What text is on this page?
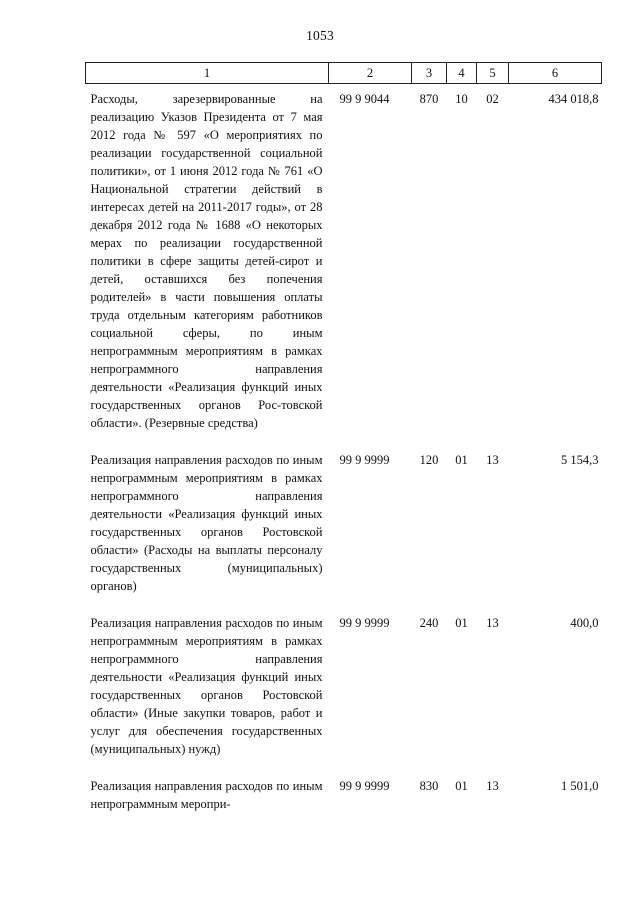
1053
1	2	3	4	5	6

Расходы, зарезервированные на реализацию Указов Президента от 7 мая 2012 года № 597 «О мероприятиях по реализации государственной социальной политики», от 1 июня 2012 года № 761 «О Национальной стратегии действий в интересах детей на 2011-2017 годы», от 28 декабря 2012 года № 1688 «О некоторых мерах по реализации государственной политики в сфере защиты детей-сирот и детей, оставшихся без попечения родителей» в части повышения оплаты труда отдельным категориям работников социальной сферы, по иным непрограммным мероприятиям в рамках непрограммного направления деятельности «Реализация функций иных государственных органов Рос-товской области». (Резервные средства)	99 9 9044	870	10	02	434 018,8

Реализация направления расходов по иным непрограммным мероприятиям в рамках непрограммного направления деятельности «Реализация функций иных государственных органов Ростовской области» (Расходы на выплаты персоналу государственных (муниципальных) органов)	99 9 9999	120	01	13	5 154,3

Реализация направления расходов по иным непрограммным мероприятиям в рамках непрограммного направления деятельности «Реализация функций иных государственных органов Ростовской области» (Иные закупки товаров, работ и услуг для обеспечения государственных (муниципальных) нужд)	99 9 9999	240	01	13	400,0

Реализация направления расходов по иным непрограммным меропри-	99 9 9999	830	01	13	1 501,0
